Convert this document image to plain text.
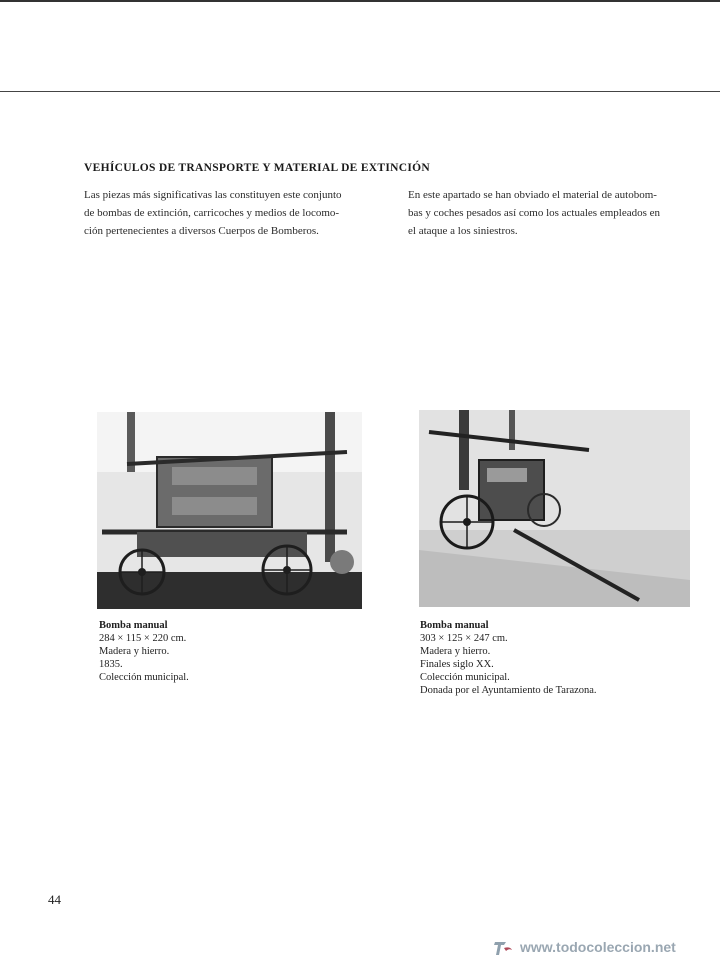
VEHÍCULOS DE TRANSPORTE Y MATERIAL DE EXTINCIÓN

Las piezas más significativas las constituyen este conjunto
de bombas de extinción, carricoches y medios de locomo-
ción pertenecientes a diversos Cuerpos de Bomberos.

En este apartado se han obviado el material de autobom-
bas y coches pesados así como los actuales empleados en
el ataque a los siniestros.

Bomba manual
284 × 115 × 220 cm.
Madera y hierro.
1835.
Colección municipal.
Bomba manual
303 × 125 × 247 cm.
Madera y hierro.
Finales siglo XX.
Colección municipal.
Donada por el Ayuntamiento de Tarazona.
44
www.todocoleccion.net
